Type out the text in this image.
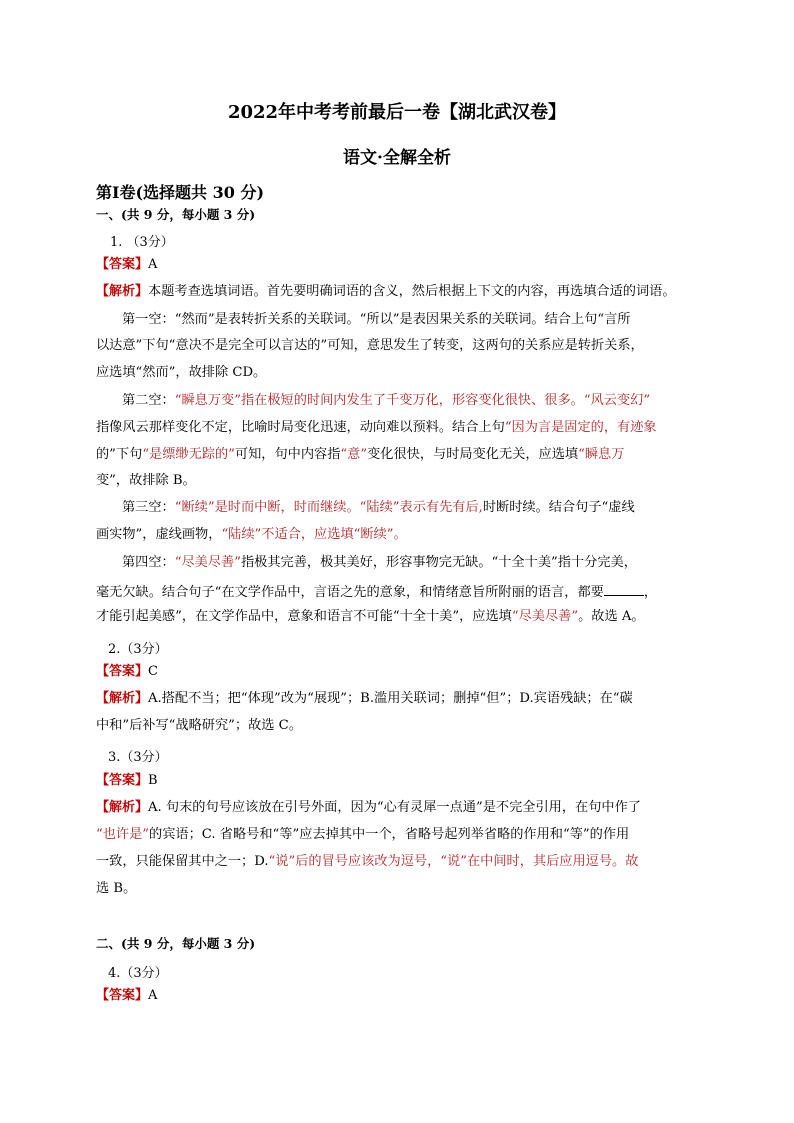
2022年中考考前最后一卷【湖北武汉卷】
语文·全解全析
第Ⅰ卷(选择题共 30 分)
一、(共 9 分，每小题 3 分)
1. （3分）
【答案】A
【解析】本题考查选填词语。首先要明确词语的含义，然后根据上下文的内容，再选填合适的词语。
第一空：“然而”是表转折关系的关联词。“所以”是表因果关系的关联词。结合上句“言所
以达意”下句“意决不是完全可以言达的”可知，意思发生了转变，这两句的关系应是转折关系，
应选填“然而”，故排除 CD。
第二空：“瞬息万变”指在极短的时间内发生了千变万化，形容变化很快、很多。“风云变幻”
指像风云那样变化不定，比喻时局变化迅速，动向难以预料。结合上句“因为言是固定的，有迹象
的”下句“是缥缈无踪的”可知，句中内容指“意”变化很快，与时局变化无关，应选填“瞬息万
变”，故排除 B。
第三空：“断续”是时而中断，时而继续。“陆续”表示有先有后,时断时续。结合句子“虚线
画实物”，虚线画物，“陆续”不适合，应选填“断续”。
第四空：“尽美尽善”指极其完善，极其美好，形容事物完无缺。“十全十美”指十分完美，
毫无欠缺。结合句子“在文学作品中，言语之先的意象，和情绪意旨所附丽的语言，都要	，
才能引起美感”，在文学作品中，意象和语言不可能“十全十美”，应选填“尽美尽善”。故选 A。
2.（3分）
【答案】C
【解析】A.搭配不当；把“体现”改为“展现”；B.滥用关联词；删掉“但”；D.宾语残缺；在“碳
中和”后补写“战略研究”；故选 C。
3.（3分）
【答案】B
【解析】A. 句末的句号应该放在引号外面，因为“心有灵犀一点通”是不完全引用，在句中作了
“也许是”的宾语；C. 省略号和“等”应去掉其中一个，省略号起列举省略的作用和“等”的作用
一致，只能保留其中之一；D.“说”后的冒号应该改为逗号，“说”在中间时，其后应用逗号。故
选 B。
二、(共 9 分，每小题 3 分)
4.（3分）
【答案】A
